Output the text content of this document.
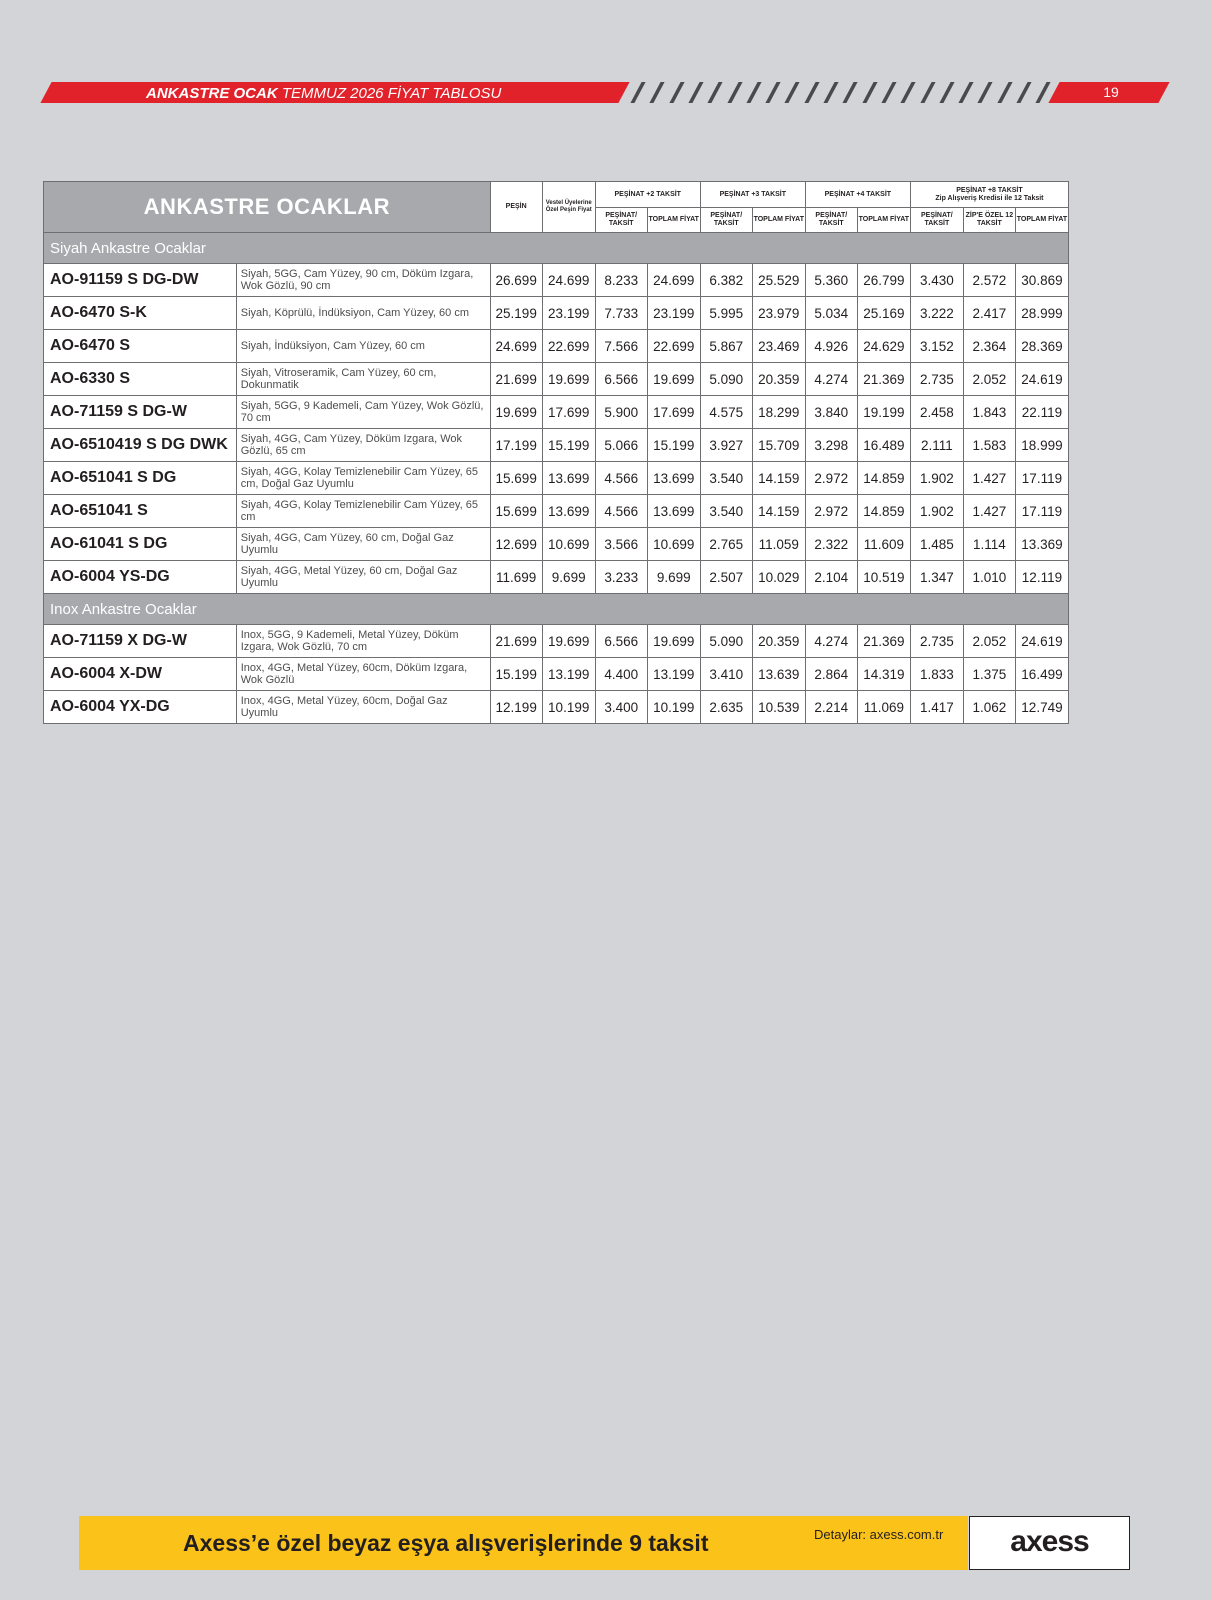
ANKASTRE OCAK TEMMUZ 2026 FİYAT TABLOSU	19
ANKASTRE OCAKLAR		PEŞİN	Vestel Üyelerine Özel Peşin Fiyat	PEŞİNAT +2 TAKSİT		PEŞİNAT +3 TAKSİT		PEŞİNAT +4 TAKSİT		PEŞİNAT +8 TAKSİT
Zip Alışveriş Kredisi ile 12 Taksit		

				PEŞİNAT/ TAKSİT	TOPLAM FİYAT	PEŞİNAT/ TAKSİT	TOPLAM FİYAT	PEŞİNAT/ TAKSİT	TOPLAM FİYAT	PEŞİNAT/ TAKSİT	ZİP'E ÖZEL 12 TAKSİT	TOPLAM FİYAT
Siyah Ankastre Ocaklar												
AO-91159 S DG-DW	Siyah, 5GG, Cam Yüzey, 90 cm, Döküm Izgara, Wok Gözlü, 90 cm	26.699	24.699	8.233	24.699	6.382	25.529	5.360	26.799	3.430	2.572	30.869
AO-6470 S-K	Siyah, Köprülü, İndüksiyon, Cam Yüzey, 60 cm	25.199	23.199	7.733	23.199	5.995	23.979	5.034	25.169	3.222	2.417	28.999
AO-6470 S	Siyah, İndüksiyon, Cam Yüzey, 60 cm	24.699	22.699	7.566	22.699	5.867	23.469	4.926	24.629	3.152	2.364	28.369
AO-6330 S	Siyah, Vitroseramik, Cam Yüzey, 60 cm, Dokunmatik	21.699	19.699	6.566	19.699	5.090	20.359	4.274	21.369	2.735	2.052	24.619
AO-71159 S DG-W	Siyah, 5GG, 9 Kademeli, Cam Yüzey, Wok Gözlü, 70 cm	19.699	17.699	5.900	17.699	4.575	18.299	3.840	19.199	2.458	1.843	22.119
AO-6510419 S DG DWK	Siyah, 4GG, Cam Yüzey, Döküm Izgara, Wok Gözlü, 65 cm	17.199	15.199	5.066	15.199	3.927	15.709	3.298	16.489	2.111	1.583	18.999
AO-651041 S DG	Siyah, 4GG, Kolay Temizlenebilir Cam Yüzey, 65 cm, Doğal Gaz Uyumlu	15.699	13.699	4.566	13.699	3.540	14.159	2.972	14.859	1.902	1.427	17.119
AO-651041 S	Siyah, 4GG, Kolay Temizlenebilir Cam Yüzey, 65 cm	15.699	13.699	4.566	13.699	3.540	14.159	2.972	14.859	1.902	1.427	17.119
AO-61041 S DG	Siyah, 4GG, Cam Yüzey, 60 cm, Doğal Gaz Uyumlu	12.699	10.699	3.566	10.699	2.765	11.059	2.322	11.609	1.485	1.114	13.369
AO-6004 YS-DG	Siyah, 4GG, Metal Yüzey, 60 cm, Doğal Gaz Uyumlu	11.699	9.699	3.233	9.699	2.507	10.029	2.104	10.519	1.347	1.010	12.119
Inox Ankastre Ocaklar												
AO-71159 X DG-W	Inox, 5GG, 9 Kademeli, Metal Yüzey, Döküm Izgara, Wok Gözlü, 70 cm	21.699	19.699	6.566	19.699	5.090	20.359	4.274	21.369	2.735	2.052	24.619
AO-6004 X-DW	Inox, 4GG, Metal Yüzey, 60cm, Döküm Izgara, Wok Gözlü	15.199	13.199	4.400	13.199	3.410	13.639	2.864	14.319	1.833	1.375	16.499
AO-6004 YX-DG	Inox, 4GG, Metal Yüzey, 60cm, Doğal Gaz Uyumlu	12.199	10.199	3.400	10.199	2.635	10.539	2.214	11.069	1.417	1.062	12.749
Axess’e özel beyaz eşya alışverişlerinde 9 taksit	Detaylar: axess.com.tr	axess
